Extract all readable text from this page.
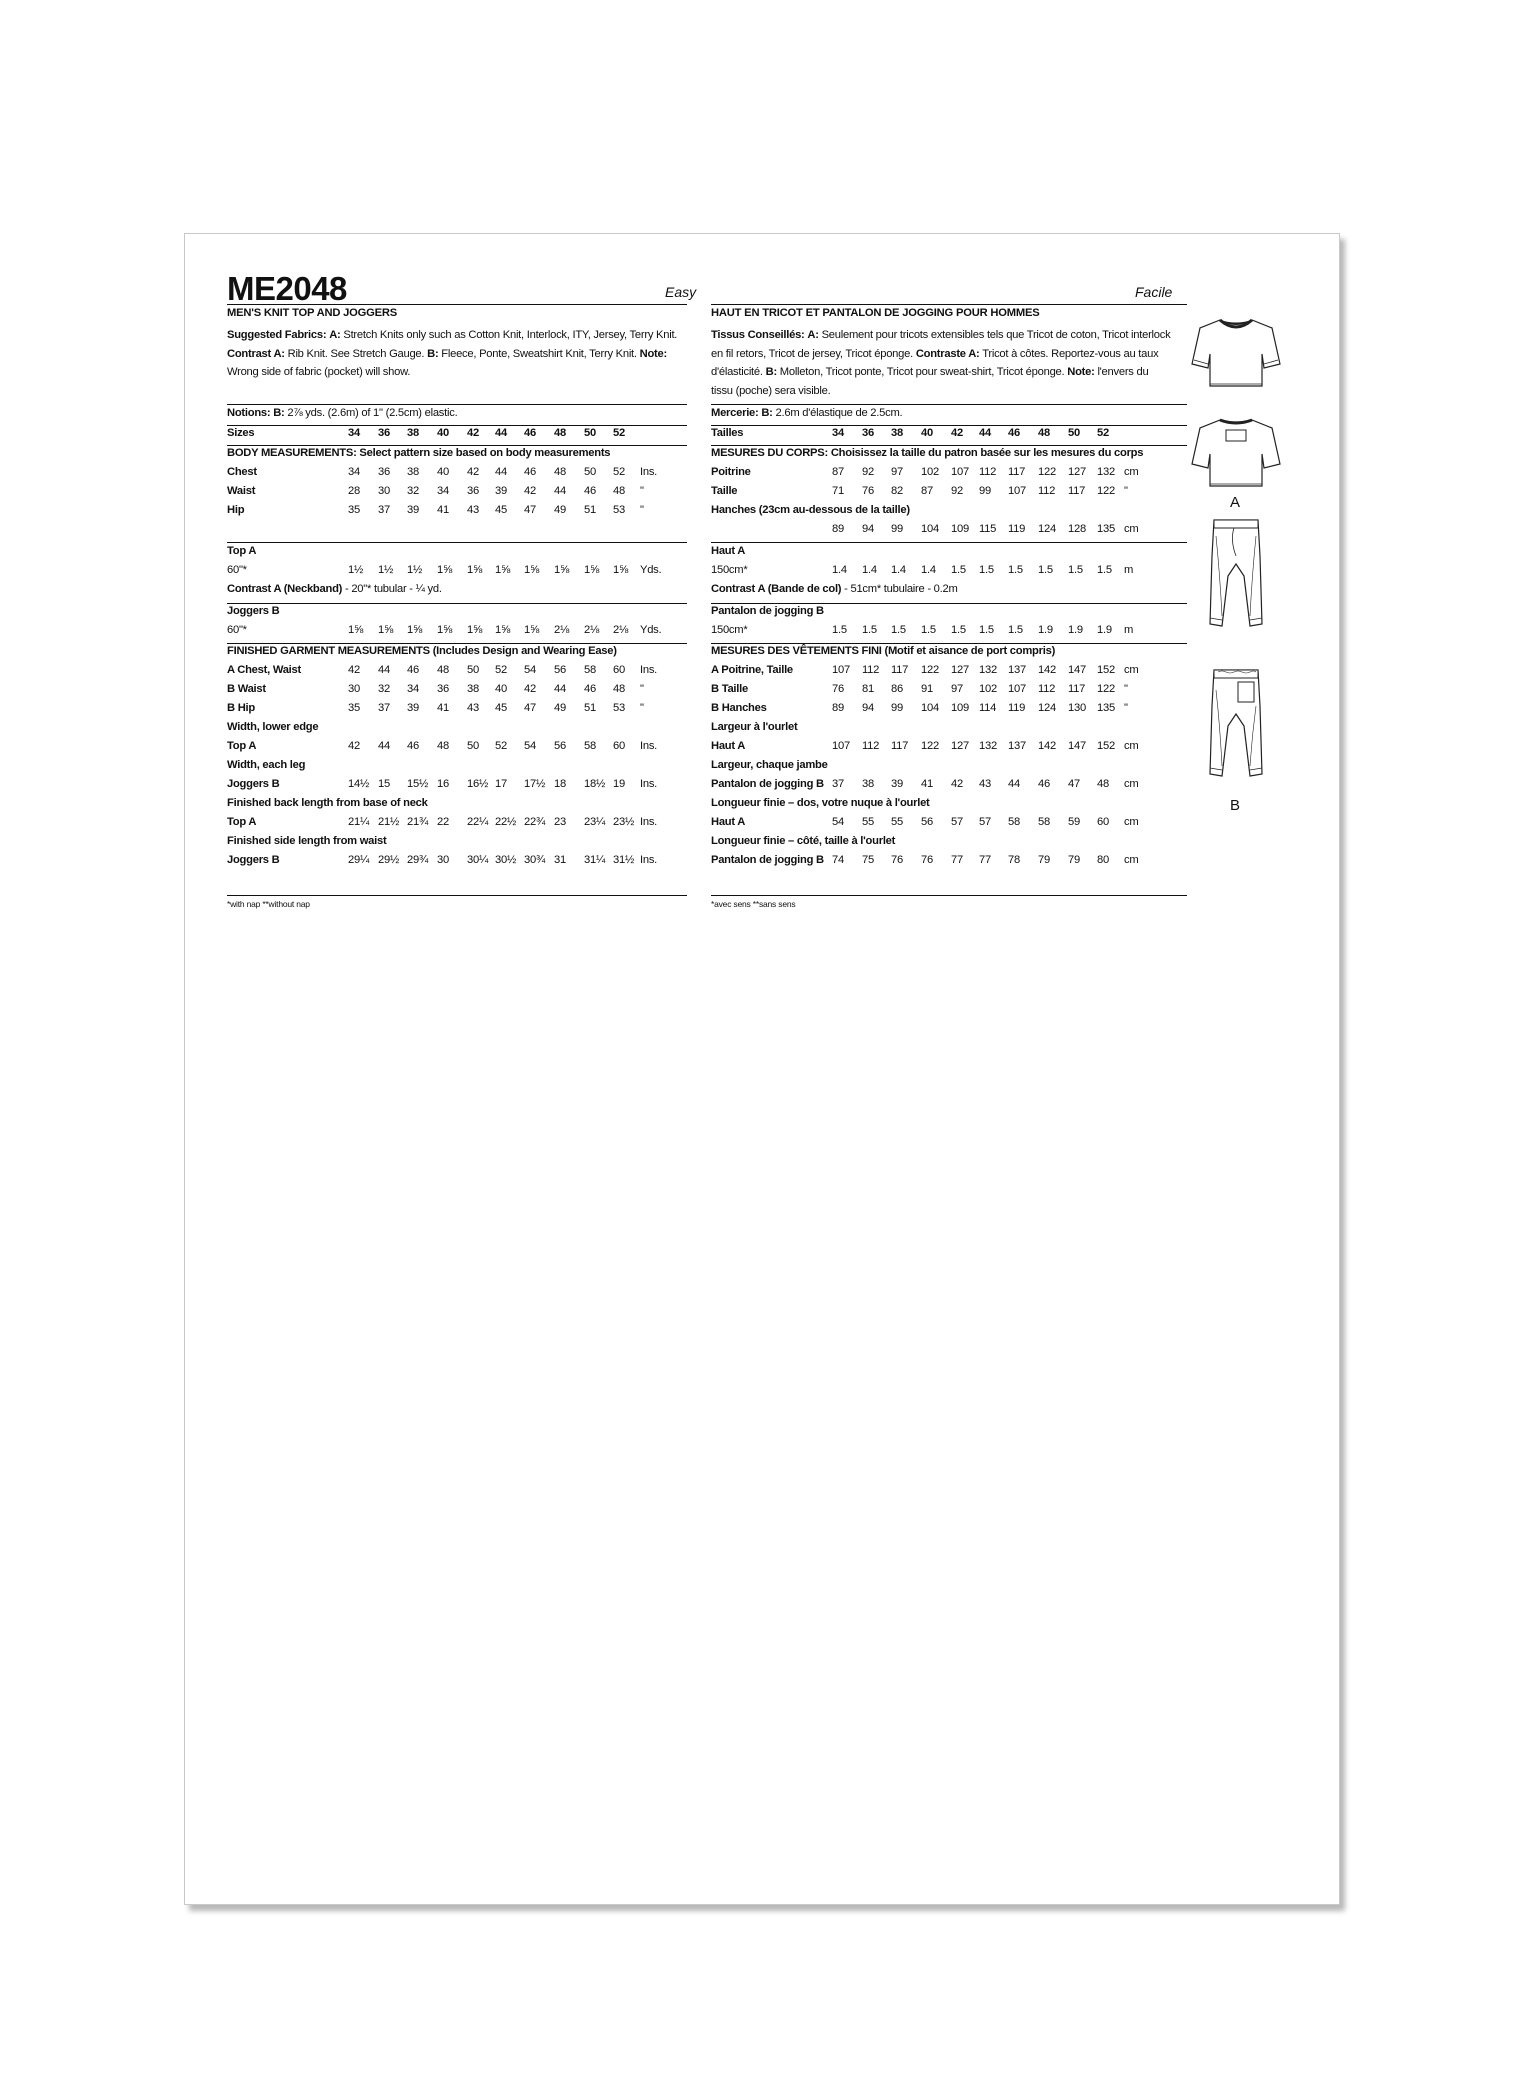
ME2048	Easy	Facile
MEN'S KNIT TOP AND JOGGERS

Suggested Fabrics: A: Stretch Knits only such as Cotton Knit, Interlock, ITY, Jersey, Terry Knit.
Contrast A: Rib Knit. See Stretch Gauge. B: Fleece, Ponte, Sweatshirt Knit, Terry Knit. Note: Wrong side of fabric (pocket) will show.

Notions: B: 2⅞ yds. (2.6m) of 1" (2.5cm) elastic.
Sizes	34	36	38	40	42	44	46	48	50	52
BODY MEASUREMENTS: Select pattern size based on body measurements
Chest	34	36	38	40	42	44	46	48	50	52	Ins.
Waist	28	30	32	34	36	39	42	44	46	48	"
Hip	35	37	39	41	43	45	47	49	51	53	"
Top A
60"*	1½	1½	1½	1⅝	1⅝	1⅝	1⅝	1⅝	1⅝	1⅝	Yds.
Contrast A (Neckband) - 20"* tubular - ¼ yd.
Joggers B
60"*	1⅝	1⅝	1⅝	1⅝	1⅝	1⅝	1⅝	2⅛	2⅛	2⅛	Yds.
FINISHED GARMENT MEASUREMENTS (Includes Design and Wearing Ease)
A Chest, Waist	42	44	46	48	50	52	54	56	58	60	Ins.
B Waist	30	32	34	36	38	40	42	44	46	48	"
B Hip	35	37	39	41	43	45	47	49	51	53	"
Width, lower edge
Top A	42	44	46	48	50	52	54	56	58	60	Ins.
Width, each leg
Joggers B	14½ 15	15½ 16	16½ 17	17½ 18	18½ 19	Ins.
Finished back length from base of neck
Top A	21¼ 21½ 21¾ 22	22¼ 22½ 22¾ 23	23¼ 23½ Ins.
Finished side length from waist
Joggers B	29¼ 29½ 29¾ 30	30¼ 30½ 30¾ 31	31¼ 31½ Ins.
*with nap **without nap
HAUT EN TRICOT ET PANTALON DE JOGGING POUR HOMMES

Tissus Conseillés: A: Seulement pour tricots extensibles tels que Tricot de coton, Tricot interlock en fil retors, Tricot de jersey, Tricot éponge. Contraste A: Tricot à côtes. Reportez-vous au taux d'élasticité. B: Molleton, Tricot ponte, Tricot pour sweat-shirt, Tricot éponge. Note: l'envers du tissu (poche) sera visible.

Mercerie: B: 2.6m d'élastique de 2.5cm.
Tailles	34	36	38	40	42	44	46	48	50	52
MESURES DU CORPS: Choisissez la taille du patron basée sur les mesures du corps
Poitrine	87	92	97	102	107 112	117	122	127 132 cm
Taille	71	76	82	87	92	99	107	112	117	122 "
Hanches (23cm au-dessous de la taille)
89	94	99	104	109 115	119	124	128 135 cm
Haut A
150cm*	1.4	1.4	1.4	1.4	1.5	1.5	1.5	1.5	1.5	1.5	m
Contrast A (Bande de col) - 51cm* tubulaire - 0.2m
Pantalon de jogging B
150cm*	1.5	1.5	1.5	1.5	1.5	1.5	1.5	1.9	1.9	1.9	m
MESURES DES VÊTEMENTS FINI (Motif et aisance de port compris)
A Poitrine, Taille	107	112	117	122	127 132 137	142	147 152 cm
B Taille	76	81	86	91	97	102 107	112	117	122 "
B Hanches	89	94	99	104	109 114	119	124	130 135 "
Largeur à l'ourlet
Haut A	107	112	117	122	127 132 137	142	147 152 cm
Largeur, chaque jambe
Pantalon de jogging B 37	38	39	41	42	43	44	46	47	48	cm
Longueur finie – dos, votre nuque à l'ourlet
Haut A	54	55	55	56	57	57	58	58	59	60	cm
Longueur finie – côté, taille à l'ourlet
Pantalon de jogging B 74	75	76	76	77	77	78	79	79	80	cm
*avec sens **sans sens
A
B
